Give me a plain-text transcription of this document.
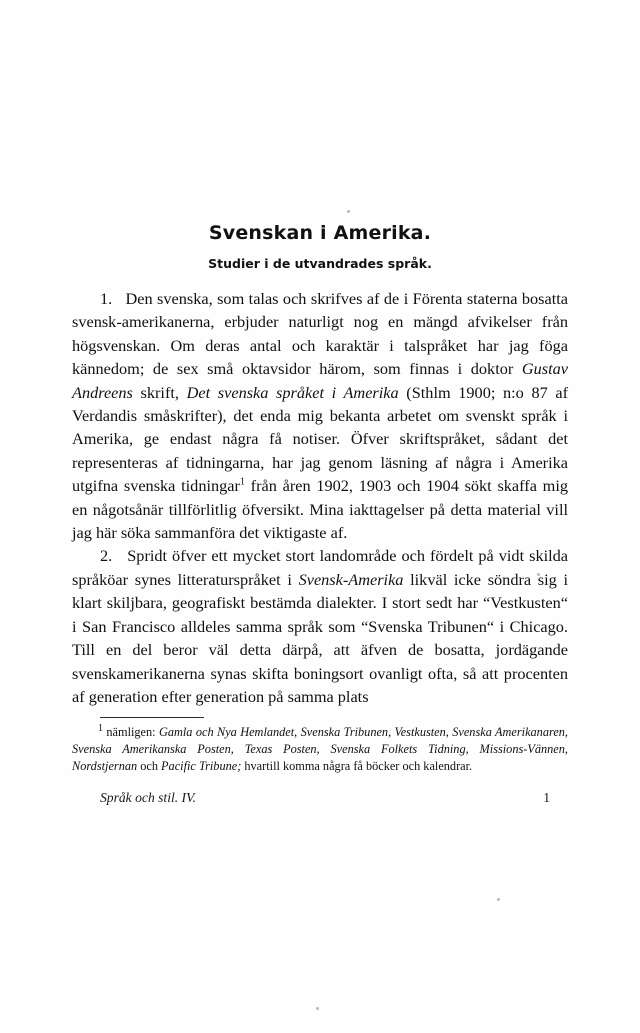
Svenskan i Amerika.
Studier i de utvandrades språk.

1.   Den svenska, som talas och skrifves af de i Förenta staterna bosatta svensk-amerikanerna, erbjuder naturligt nog en mängd afvikelser från högsvenskan. Om deras antal och karaktär i talspråket har jag föga kännedom; de sex små oktavsidor härom, som finnas i doktor Gustav Andreens skrift, Det svenska språket i Amerika (Sthlm 1900; n:o 87 af Verdandis småskrifter), det enda mig bekanta arbetet om svenskt språk i Amerika, ge endast några få notiser. Öfver skriftspråket, sådant det representeras af tidningarna, har jag genom läsning af några i Amerika utgifna svenska tidningar$^1$ från åren 1902, 1903 och 1904 sökt skaffa mig en någotsånär tillförlitlig öfversikt. Mina iakttagelser på detta material vill jag här söka sammanföra det viktigaste af.

2.   Spridt öfver ett mycket stort landområde och fördelt på vidt skilda språköar synes litteraturspråket i Svensk-Amerika likväl icke söndra sig i klart skiljbara, geografiskt bestämda dialekter. I stort sedt har “Vestkusten“ i San Francisco alldeles samma språk som “Svenska Tribunen“ i Chicago. Till en del beror väl detta därpå, att äfven de bosatta, jordägande svenskamerikanerna synas skifta boningsort ovanligt ofta, så att procenten af generation efter generation på samma plats

$^1$ nämligen: Gamla och Nya Hemlandet, Svenska Tribunen, Vestkusten, Svenska Amerikanaren, Svenska Amerikanska Posten, Texas Posten, Svenska Folkets Tidning, Missions-Vännen, Nordstjernan och Pacific Tribune; hvartill komma några få böcker och kalendrar.

Språk och stil. IV.	1
